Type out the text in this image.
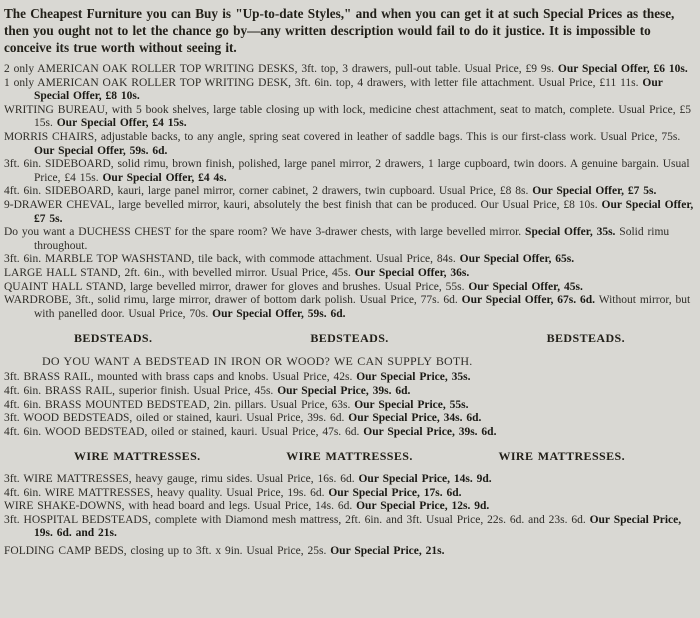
The Cheapest Furniture you can Buy is "Up-to-date Styles," and when you can get it at such Special Prices as these, then you ought not to let the chance go by—any written description would fail to do it justice. It is impossible to conceive its true worth without seeing it.

2 only AMERICAN OAK ROLLER TOP WRITING DESKS, 3ft. top, 3 drawers, pull-out table. Usual Price, £9 9s. Our Special Offer, £6 10s.

1 only AMERICAN OAK ROLLER TOP WRITING DESK, 3ft. 6in. top, 4 drawers, with letter file attachment. Usual Price, £11 11s. Our Special Offer, £8 10s.

WRITING BUREAU, with 5 book shelves, large table closing up with lock, medicine chest attachment, seat to match, complete. Usual Price, £5 15s. Our Special Offer, £4 15s.

MORRIS CHAIRS, adjustable backs, to any angle, spring seat covered in leather of saddle bags. This is our first-class work. Usual Price, 75s. Our Special Offer, 59s. 6d.

3ft. 6in. SIDEBOARD, solid rimu, brown finish, polished, large panel mirror, 2 drawers, 1 large cupboard, twin doors. A genuine bargain. Usual Price, £4 15s. Our Special Offer, £4 4s.

4ft. 6in. SIDEBOARD, kauri, large panel mirror, corner cabinet, 2 drawers, twin cupboard. Usual Price, £8 8s. Our Special Offer, £7 5s.

9-DRAWER CHEVAL, large bevelled mirror, kauri, absolutely the best finish that can be produced. Our Usual Price, £8 10s. Our Special Offer, £7 5s.

Do you want a DUCHESS CHEST for the spare room? We have 3-drawer chests, with large bevelled mirror. Special Offer, 35s. Solid rimu throughout.

3ft. 6in. MARBLE TOP WASHSTAND, tile back, with commode attachment. Usual Price, 84s. Our Special Offer, 65s.

LARGE HALL STAND, 2ft. 6in., with bevelled mirror. Usual Price, 45s. Our Special Offer, 36s.

QUAINT HALL STAND, large bevelled mirror, drawer for gloves and brushes. Usual Price, 55s. Our Special Offer, 45s.

WARDROBE, 3ft., solid rimu, large mirror, drawer of bottom dark polish. Usual Price, 77s. 6d. Our Special Offer, 67s. 6d. Without mirror, but with panelled door. Usual Price, 70s. Our Special Offer, 59s. 6d.

BEDSTEADS.	BEDSTEADS.	BEDSTEADS.

DO YOU WANT A BEDSTEAD IN IRON OR WOOD? WE CAN SUPPLY BOTH.

3ft. BRASS RAIL, mounted with brass caps and knobs. Usual Price, 42s. Our Special Price, 35s.

4ft. 6in. BRASS RAIL, superior finish. Usual Price, 45s. Our Special Price, 39s. 6d.

4ft. 6in. BRASS MOUNTED BEDSTEAD, 2in. pillars. Usual Price, 63s. Our Special Price, 55s.

3ft. WOOD BEDSTEADS, oiled or stained, kauri. Usual Price, 39s. 6d. Our Special Price, 34s. 6d.

4ft. 6in. WOOD BEDSTEAD, oiled or stained, kauri. Usual Price, 47s. 6d. Our Special Price, 39s. 6d.

WIRE MATTRESSES.	WIRE MATTRESSES.	WIRE MATTRESSES.

3ft. WIRE MATTRESSES, heavy gauge, rimu sides. Usual Price, 16s. 6d. Our Special Price, 14s. 9d.

4ft. 6in. WIRE MATTRESSES, heavy quality. Usual Price, 19s. 6d. Our Special Price, 17s. 6d.

WIRE SHAKE-DOWNS, with head board and legs. Usual Price, 14s. 6d. Our Special Price, 12s. 9d.

3ft. HOSPITAL BEDSTEADS, complete with Diamond mesh mattress, 2ft. 6in. and 3ft. Usual Price, 22s. 6d. and 23s. 6d. Our Special Price, 19s. 6d. and 21s.

FOLDING CAMP BEDS, closing up to 3ft. x 9in. Usual Price, 25s. Our Special Price, 21s.
